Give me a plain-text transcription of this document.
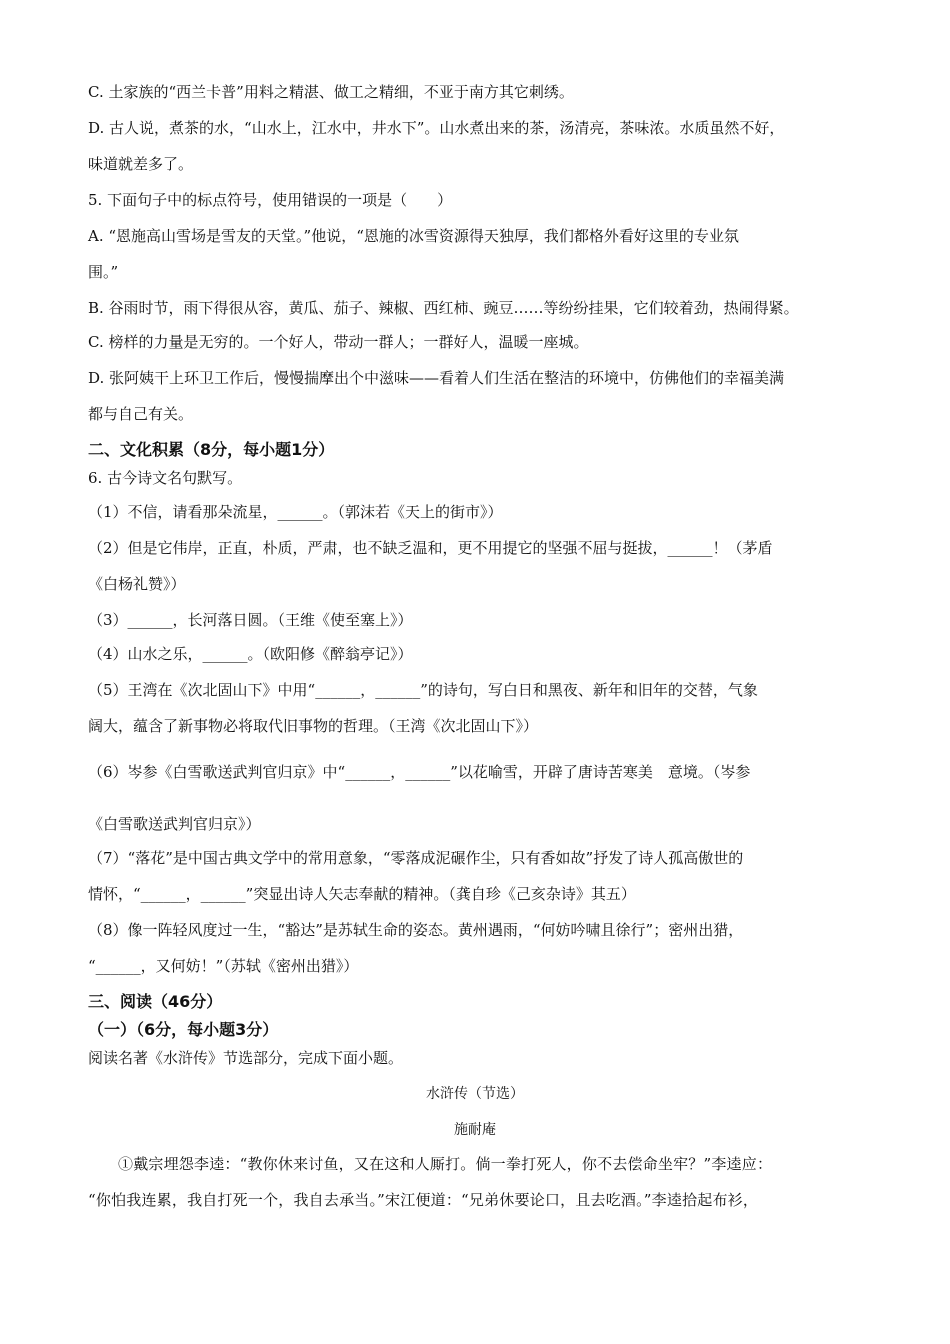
C. 土家族的“西兰卡普”用料之精湛、做工之精细，不亚于南方其它刺绣。
D. 古人说，煮茶的水，“山水上，江水中，井水下”。山水煮出来的茶，汤清亮，茶味浓。水质虽然不好，
味道就差多了。
5. 下面句子中的标点符号，使用错误的一项是（　　）
A. “恩施高山雪场是雪友的天堂。”他说，“恩施的冰雪资源得天独厚，我们都格外看好这里的专业氛
围。”
B. 谷雨时节，雨下得很从容，黄瓜、茄子、辣椒、西红柿、豌豆……等纷纷挂果，它们较着劲，热闹得紧。
C. 榜样的力量是无穷的。一个好人，带动一群人；一群好人，温暖一座城。
D. 张阿姨干上环卫工作后，慢慢揣摩出个中滋味——看着人们生活在整洁的环境中，仿佛他们的幸福美满
都与自己有关。
二、文化积累（8分，每小题1分）
6. 古今诗文名句默写。
（1）不信，请看那朵流星，______。（郭沫若《天上的街市》）
（2）但是它伟岸，正直，朴质，严肃，也不缺乏温和，更不用提它的坚强不屈与挺拔，______！（茅盾
《白杨礼赞》）
（3）______，长河落日圆。（王维《使至塞上》）
（4）山水之乐，______。（欧阳修《醉翁亭记》）
（5）王湾在《次北固山下》中用“______，______”的诗句，写白日和黑夜、新年和旧年的交替，气象
阔大，蕴含了新事物必将取代旧事物的哲理。（王湾《次北固山下》）
（6）岑参《白雪歌送武判官归京》中“______，______”以花喻雪，开辟了唐诗苦寒美　意境。（岑参
《白雪歌送武判官归京》）
（7）“落花”是中国古典文学中的常用意象，“零落成泥碾作尘，只有香如故”抒发了诗人孤高傲世的
情怀，“______，______”突显出诗人矢志奉献的精神。（龚自珍《己亥杂诗》其五）
（8）像一阵轻风度过一生，“豁达”是苏轼生命的姿态。黄州遇雨，“何妨吟啸且徐行”；密州出猎，
“______，又何妨！”（苏轼《密州出猎》）
三、阅读（46分）
（一）（6分，每小题3分）
阅读名著《水浒传》节选部分，完成下面小题。
水浒传（节选）
施耐庵
①戴宗埋怨李逵：“教你休来讨鱼，又在这和人厮打。倘一拳打死人，你不去偿命坐牢？”李逵应：
“你怕我连累，我自打死一个，我自去承当。”宋江便道：“兄弟休要论口，且去吃酒。”李逵拾起布衫，
